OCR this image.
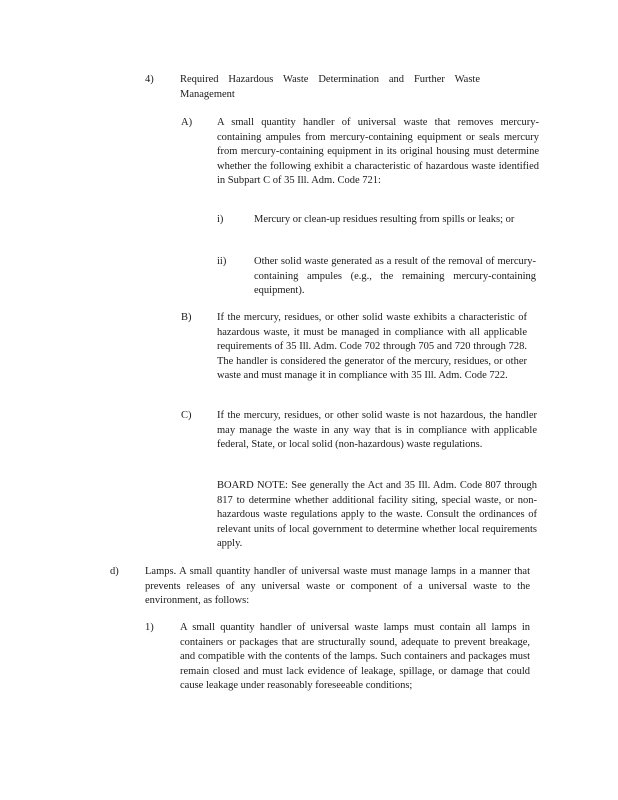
4)	Required Hazardous Waste Determination and Further Waste Management
A) A small quantity handler of universal waste that removes mercury-containing ampules from mercury-containing equipment or seals mercury from mercury-containing equipment in its original housing must determine whether the following exhibit a characteristic of hazardous waste identified in Subpart C of 35 Ill. Adm. Code 721:
i)	Mercury or clean-up residues resulting from spills or leaks; or
ii)	Other solid waste generated as a result of the removal of mercury-containing ampules (e.g., the remaining mercury-containing equipment).
B) If the mercury, residues, or other solid waste exhibits a characteristic of hazardous waste, it must be managed in compliance with all applicable requirements of 35 Ill. Adm. Code 702 through 705 and 720 through 728. The handler is considered the generator of the mercury, residues, or other waste and must manage it in compliance with 35 Ill. Adm. Code 722.
C) If the mercury, residues, or other solid waste is not hazardous, the handler may manage the waste in any way that is in compliance with applicable federal, State, or local solid (non-hazardous) waste regulations.
BOARD NOTE: See generally the Act and 35 Ill. Adm. Code 807 through 817 to determine whether additional facility siting, special waste, or non-hazardous waste regulations apply to the waste. Consult the ordinances of relevant units of local government to determine whether local requirements apply.
d)	Lamps. A small quantity handler of universal waste must manage lamps in a manner that prevents releases of any universal waste or component of a universal waste to the environment, as follows:
1)	A small quantity handler of universal waste lamps must contain all lamps in containers or packages that are structurally sound, adequate to prevent breakage, and compatible with the contents of the lamps. Such containers and packages must remain closed and must lack evidence of leakage, spillage, or damage that could cause leakage under reasonably foreseeable conditions;
